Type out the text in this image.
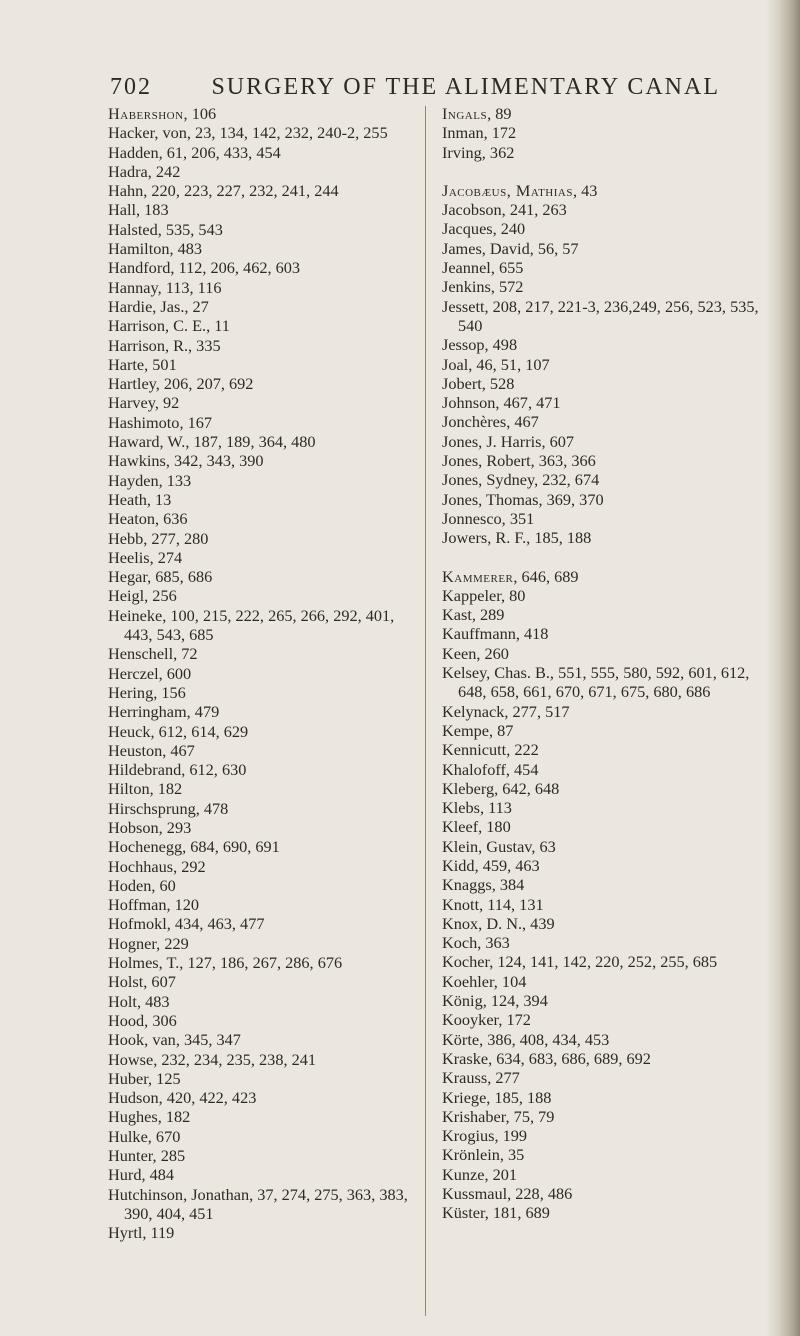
702 SURGERY OF THE ALIMENTARY CANAL
Habershon, 106
Hacker, von, 23, 134, 142, 232, 240-2, 255
Hadden, 61, 206, 433, 454
Hadra, 242
Hahn, 220, 223, 227, 232, 241, 244
Hall, 183
Halsted, 535, 543
Hamilton, 483
Handford, 112, 206, 462, 603
Hannay, 113, 116
Hardie, Jas., 27
Harrison, C. E., 11
Harrison, R., 335
Harte, 501
Hartley, 206, 207, 692
Harvey, 92
Hashimoto, 167
Haward, W., 187, 189, 364, 480
Hawkins, 342, 343, 390
Hayden, 133
Heath, 13
Heaton, 636
Hebb, 277, 280
Heelis, 274
Hegar, 685, 686
Heigl, 256
Heineke, 100, 215, 222, 265, 266, 292, 401, 443, 543, 685
Henschell, 72
Herczel, 600
Hering, 156
Herringham, 479
Heuck, 612, 614, 629
Heuston, 467
Hildebrand, 612, 630
Hilton, 182
Hirschsprung, 478
Hobson, 293
Hochenegg, 684, 690, 691
Hochhaus, 292
Hoden, 60
Hoffman, 120
Hofmokl, 434, 463, 477
Hogner, 229
Holmes, T., 127, 186, 267, 286, 676
Holst, 607
Holt, 483
Hood, 306
Hook, van, 345, 347
Howse, 232, 234, 235, 238, 241
Huber, 125
Hudson, 420, 422, 423
Hughes, 182
Hulke, 670
Hunter, 285
Hurd, 484
Hutchinson, Jonathan, 37, 274, 275, 363, 383, 390, 404, 451
Hyrtl, 119
Ingals, 89
Inman, 172
Irving, 362
Jacobæus, Mathias, 43
Jacobson, 241, 263
Jacques, 240
James, David, 56, 57
Jeannel, 655
Jenkins, 572
Jessett, 208, 217, 221-3, 236,249, 256, 523, 535, 540
Jessop, 498
Joal, 46, 51, 107
Jobert, 528
Johnson, 467, 471
Jonchères, 467
Jones, J. Harris, 607
Jones, Robert, 363, 366
Jones, Sydney, 232, 674
Jones, Thomas, 369, 370
Jonnesco, 351
Jowers, R. F., 185, 188
Kammerer, 646, 689
Kappeler, 80
Kast, 289
Kauffmann, 418
Keen, 260
Kelsey, Chas. B., 551, 555, 580, 592, 601, 612, 648, 658, 661, 670, 671, 675, 680, 686
Kelynack, 277, 517
Kempe, 87
Kennicutt, 222
Khalofoff, 454
Kleberg, 642, 648
Klebs, 113
Kleef, 180
Klein, Gustav, 63
Kidd, 459, 463
Knaggs, 384
Knott, 114, 131
Knox, D. N., 439
Koch, 363
Kocher, 124, 141, 142, 220, 252, 255, 685
Koehler, 104
König, 124, 394
Kooyker, 172
Körte, 386, 408, 434, 453
Kraske, 634, 683, 686, 689, 692
Krauss, 277
Kriege, 185, 188
Krishaber, 75, 79
Krogius, 199
Krönlein, 35
Kunze, 201
Kussmaul, 228, 486
Küster, 181, 689
